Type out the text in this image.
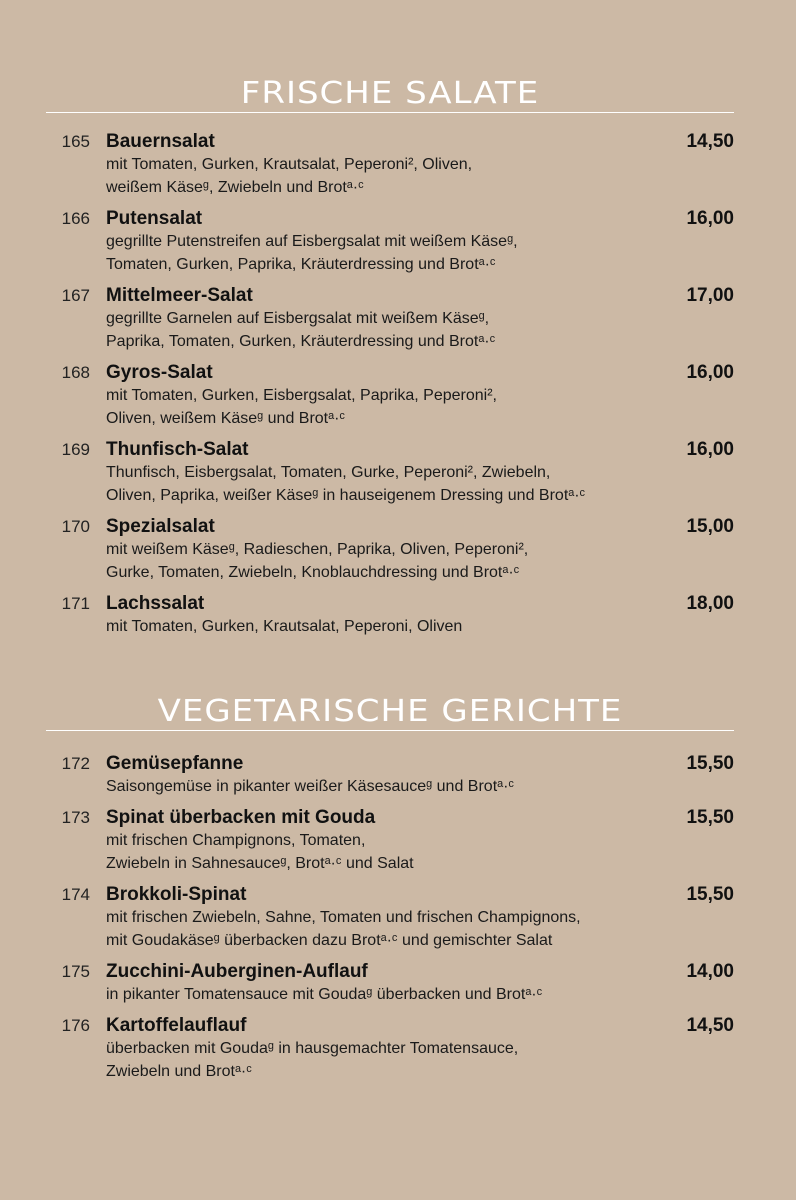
FRISCHE SALATE
165 Bauernsalat
mit Tomaten, Gurken, Krautsalat, Peperoni², Oliven,
weißem Käseᵍ, Zwiebeln und Brotᵃ·ᶜ
14,50
166 Putensalat
gegrillte Putenstreifen auf Eisbergsalat mit weißem Käseᵍ,
Tomaten, Gurken, Paprika, Kräuterdressing und Brotᵃ·ᶜ
16,00
167 Mittelmeer-Salat
gegrillte Garnelen auf Eisbergsalat mit weißem Käseᵍ,
Paprika, Tomaten, Gurken, Kräuterdressing und Brotᵃ·ᶜ
17,00
168 Gyros-Salat
mit Tomaten, Gurken, Eisbergsalat, Paprika, Peperoni²,
Oliven, weißem Käseᵍ und Brotᵃ·ᶜ
16,00
169 Thunfisch-Salat
Thunfisch, Eisbergsalat, Tomaten, Gurke, Peperoni², Zwiebeln,
Oliven, Paprika, weißer Käseᵍ in hauseigenem Dressing und Brotᵃ·ᶜ
16,00
170 Spezialsalat
mit weißem Käseᵍ, Radieschen, Paprika, Oliven, Peperoni²,
Gurke, Tomaten, Zwiebeln, Knoblauchdressing und Brotᵃ·ᶜ
15,00
171 Lachssalat
mit Tomaten, Gurken, Krautsalat, Peperoni, Oliven
18,00
VEGETARISCHE GERICHTE
172 Gemüsepfanne
Saisongemüse in pikanter weißer Käsesauceᵍ und Brotᵃ·ᶜ
15,50
173 Spinat überbacken mit Gouda
mit frischen Champignons, Tomaten,
Zwiebeln in Sahnesauceᵍ, Brotᵃ·ᶜ und Salat
15,50
174 Brokkoli-Spinat
mit frischen Zwiebeln, Sahne, Tomaten und frischen Champignons,
mit Goudakäseᵍ überbacken dazu Brotᵃ·ᶜ und gemischter Salat
15,50
175 Zucchini-Auberginen-Auflauf
in pikanter Tomatensauce mit Goudaᵍ überbacken und Brotᵃ·ᶜ
14,00
176 Kartoffelauflauf
überbacken mit Goudaᵍ in hausgemachter Tomatensauce,
Zwiebeln und Brotᵃ·ᶜ
14,50
